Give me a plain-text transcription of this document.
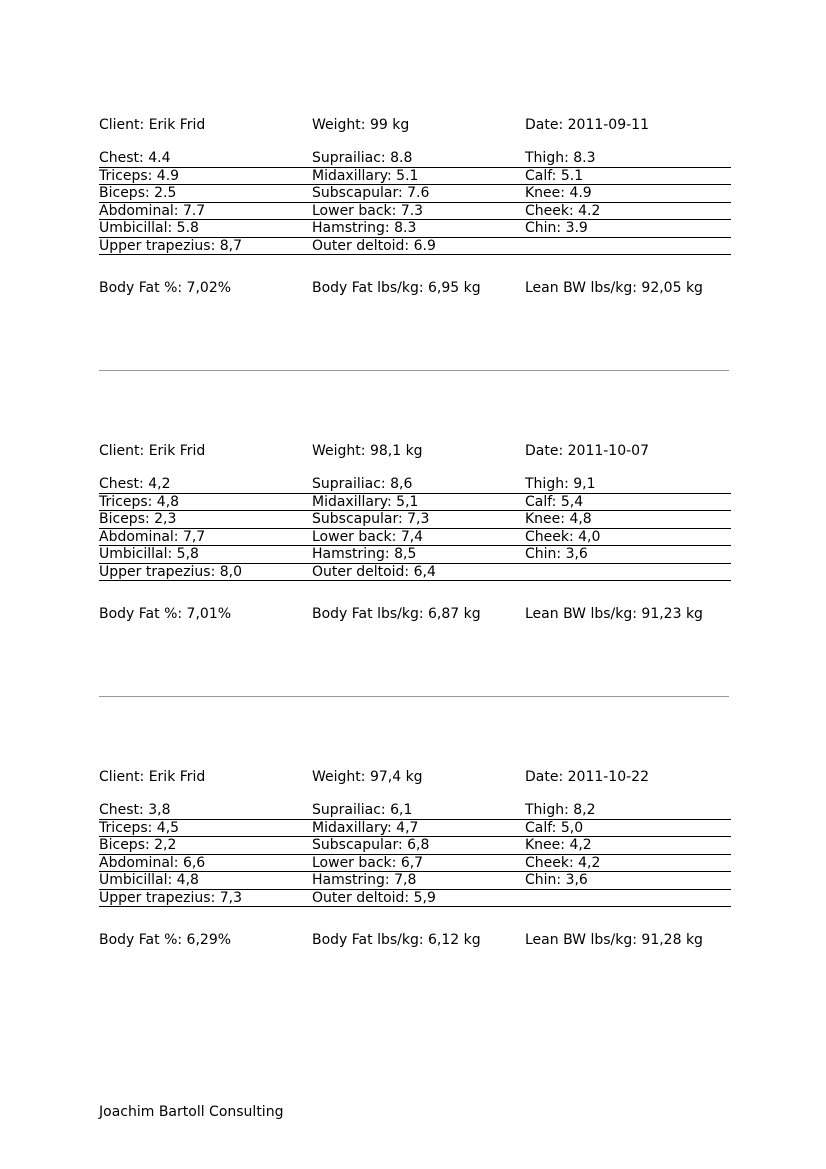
Client: Erik Frid	Weight: 99 kg	Date: 2011-09-11
Chest: 4.4	Suprailiac: 8.8	Thigh: 8.3
Triceps: 4.9	Midaxillary: 5.1	Calf: 5.1
Biceps: 2.5	Subscapular: 7.6	Knee: 4.9
Abdominal: 7.7	Lower back: 7.3	Cheek: 4.2
Umbicillal: 5.8	Hamstring: 8.3	Chin: 3.9
Upper trapezius: 8,7	Outer deltoid: 6.9
Body Fat %: 7,02%	Body Fat lbs/kg: 6,95 kg	Lean BW lbs/kg: 92,05 kg
Client: Erik Frid	Weight: 98,1 kg	Date: 2011-10-07
Chest: 4,2	Suprailiac: 8,6	Thigh: 9,1
Triceps: 4,8	Midaxillary: 5,1	Calf: 5,4
Biceps: 2,3	Subscapular: 7,3	Knee: 4,8
Abdominal: 7,7	Lower back: 7,4	Cheek: 4,0
Umbicillal: 5,8	Hamstring: 8,5	Chin: 3,6
Upper trapezius: 8,0	Outer deltoid: 6,4
Body Fat %: 7,01%	Body Fat lbs/kg: 6,87 kg	Lean BW lbs/kg: 91,23 kg
Client: Erik Frid	Weight: 97,4 kg	Date: 2011-10-22
Chest: 3,8	Suprailiac: 6,1	Thigh: 8,2
Triceps: 4,5	Midaxillary: 4,7	Calf: 5,0
Biceps: 2,2	Subscapular: 6,8	Knee: 4,2
Abdominal: 6,6	Lower back: 6,7	Cheek: 4,2
Umbicillal: 4,8	Hamstring: 7,8	Chin: 3,6
Upper trapezius: 7,3	Outer deltoid: 5,9
Body Fat %: 6,29%	Body Fat lbs/kg: 6,12 kg	Lean BW lbs/kg: 91,28 kg
Joachim Bartoll Consulting
